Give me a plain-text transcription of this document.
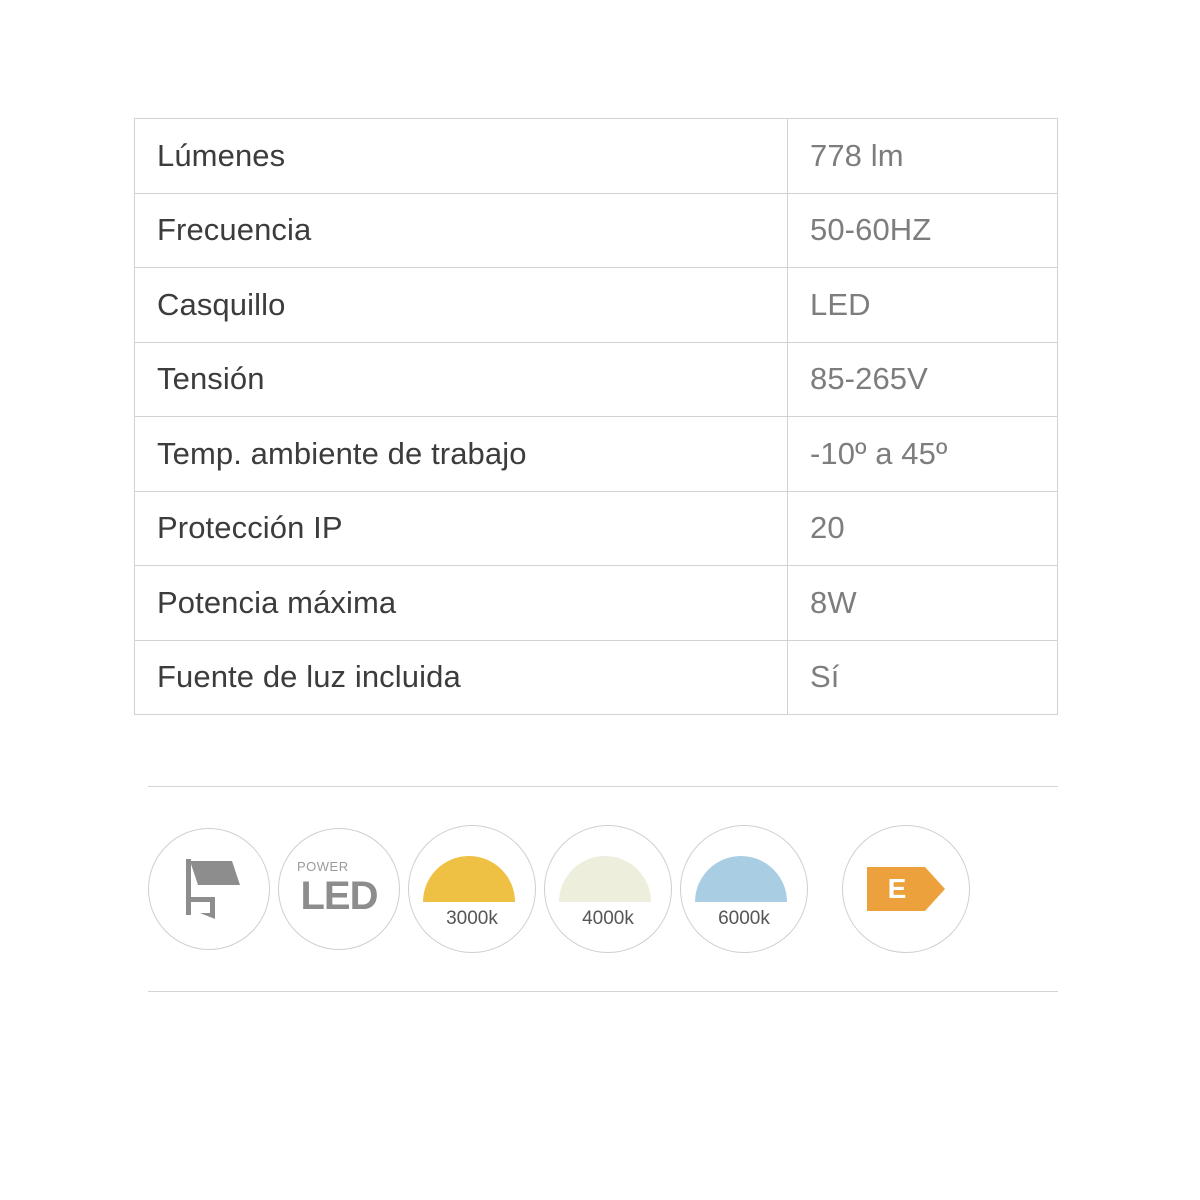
Lúmenes	778 lm
Frecuencia	50-60HZ
Casquillo	LED
Tensión	85-265V
Temp. ambiente de trabajo	-10º a 45º
Protección IP	20
Potencia máxima	8W
Fuente de luz incluida	Sí
POWER
LED
3000k	4000k	6000k
E
